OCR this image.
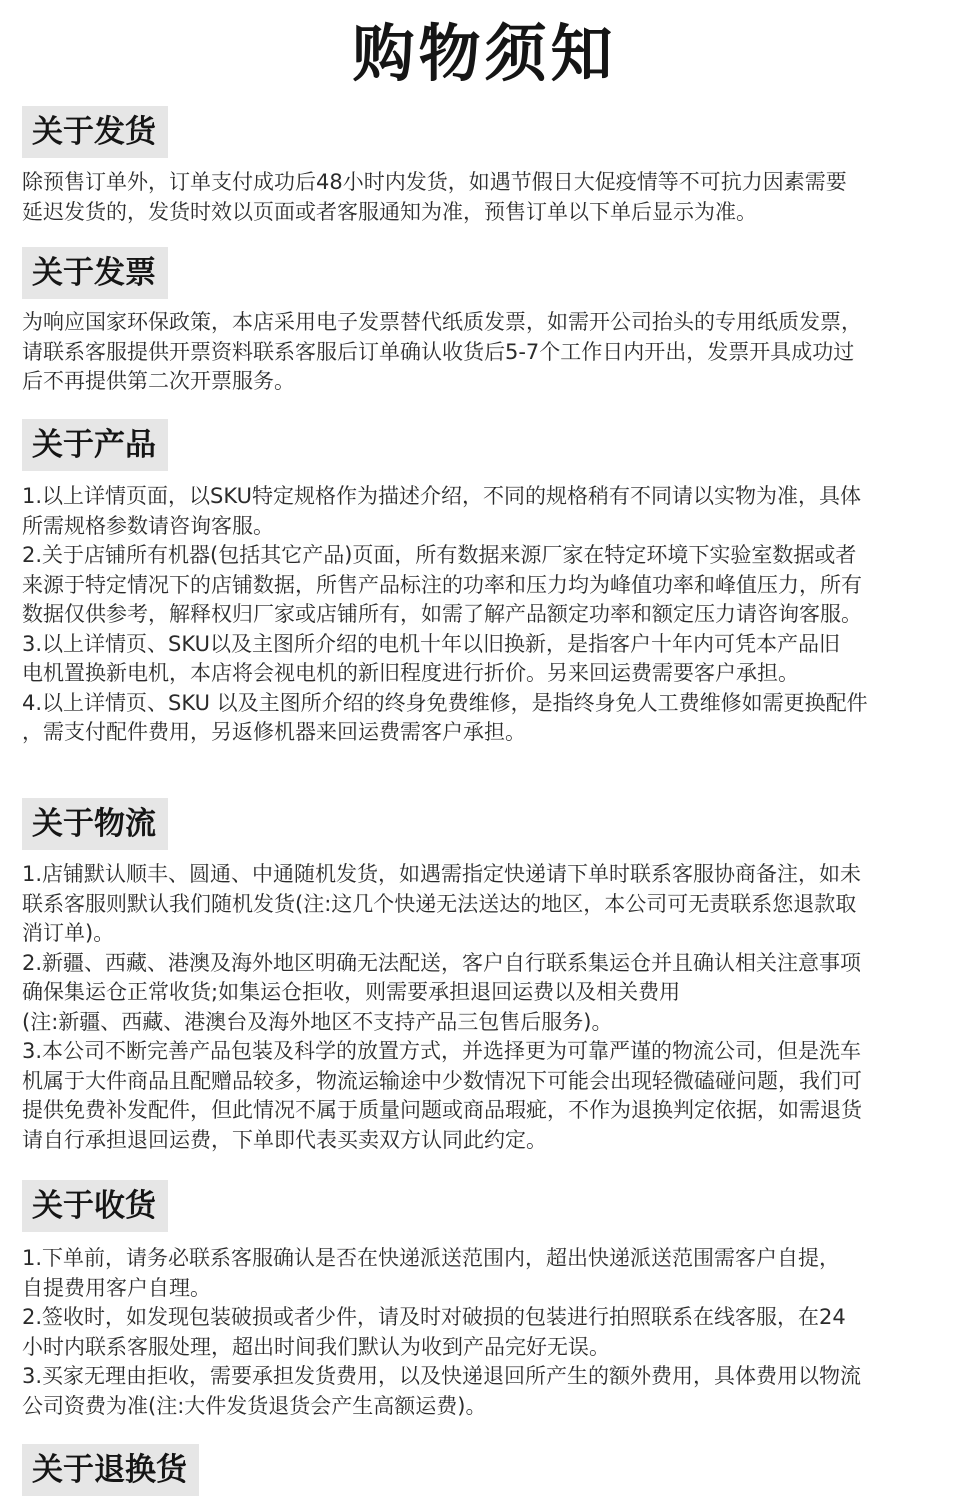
购物须知
关于发货
除预售订单外，订单支付成功后48小时内发货，如遇节假日大促疫情等不可抗力因素需要
延迟发货的，发货时效以页面或者客服通知为准，预售订单以下单后显示为准。
关于发票
为响应国家环保政策，本店采用电子发票替代纸质发票，如需开公司抬头的专用纸质发票，
请联系客服提供开票资料联系客服后订单确认收货后5-7个工作日内开出，发票开具成功过
后不再提供第二次开票服务。
关于产品
1.以上详情页面，以SKU特定规格作为描述介绍，不同的规格稍有不同请以实物为准，具体
所需规格参数请咨询客服。
2.关于店铺所有机器(包括其它产品)页面，所有数据来源厂家在特定环境下实验室数据或者
来源于特定情况下的店铺数据，所售产品标注的功率和压力均为峰值功率和峰值压力，所有
数据仅供参考，解释权归厂家或店铺所有，如需了解产品额定功率和额定压力请咨询客服。
3.以上详情页、SKU以及主图所介绍的电机十年以旧换新，是指客户十年内可凭本产品旧
电机置换新电机，本店将会视电机的新旧程度进行折价。另来回运费需要客户承担。
4.以上详情页、SKU 以及主图所介绍的终身免费维修，是指终身免人工费维修如需更换配件
，需支付配件费用，另返修机器来回运费需客户承担。
关于物流
1.店铺默认顺丰、圆通、中通随机发货，如遇需指定快递请下单时联系客服协商备注，如未
联系客服则默认我们随机发货(注:这几个快递无法送达的地区，本公司可无责联系您退款取
消订单)。
2.新疆、西藏、港澳及海外地区明确无法配送，客户自行联系集运仓并且确认相关注意事项
确保集运仓正常收货;如集运仓拒收，则需要承担退回运费以及相关费用
(注:新疆、西藏、港澳台及海外地区不支持产品三包售后服务)。
3.本公司不断完善产品包装及科学的放置方式，并选择更为可靠严谨的物流公司，但是洗车
机属于大件商品且配赠品较多，物流运输途中少数情况下可能会出现轻微磕碰问题，我们可
提供免费补发配件，但此情况不属于质量问题或商品瑕疵，不作为退换判定依据，如需退货
请自行承担退回运费，下单即代表买卖双方认同此约定。
关于收货
1.下单前，请务必联系客服确认是否在快递派送范围内，超出快递派送范围需客户自提，
自提费用客户自理。
2.签收时，如发现包装破损或者少件，请及时对破损的包装进行拍照联系在线客服，在24
小时内联系客服处理，超出时间我们默认为收到产品完好无误。
3.买家无理由拒收，需要承担发货费用，以及快递退回所产生的额外费用，具体费用以物流
公司资费为准(注:大件发货退货会产生高额运费)。
关于退换货
